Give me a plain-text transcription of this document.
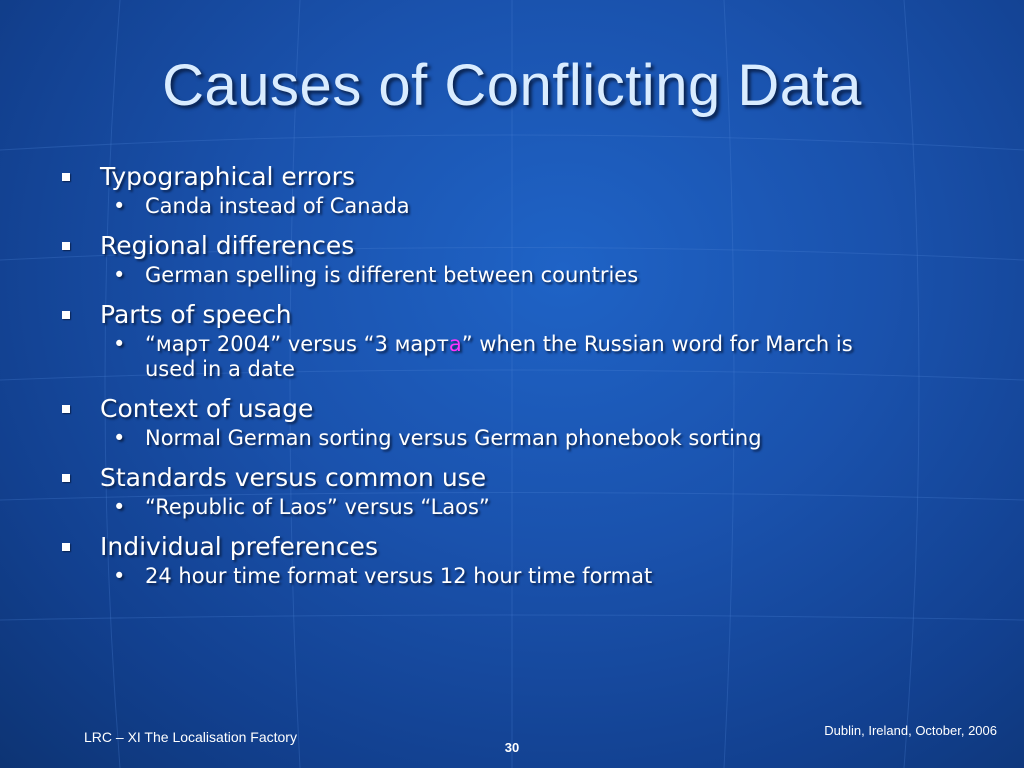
Causes of Conflicting Data
Typographical errors
• Canda instead of Canada
Regional differences
• German spelling is different between countries
Parts of speech
• “март 2004” versus “3 марта” when the Russian word for March is used in a date
Context of usage
• Normal German sorting versus German phonebook sorting
Standards versus common use
• “Republic of Laos” versus “Laos”
Individual preferences
• 24 hour time format versus 12 hour time format
LRC – XI The Localisation Factory
30
Dublin, Ireland, October, 2006
